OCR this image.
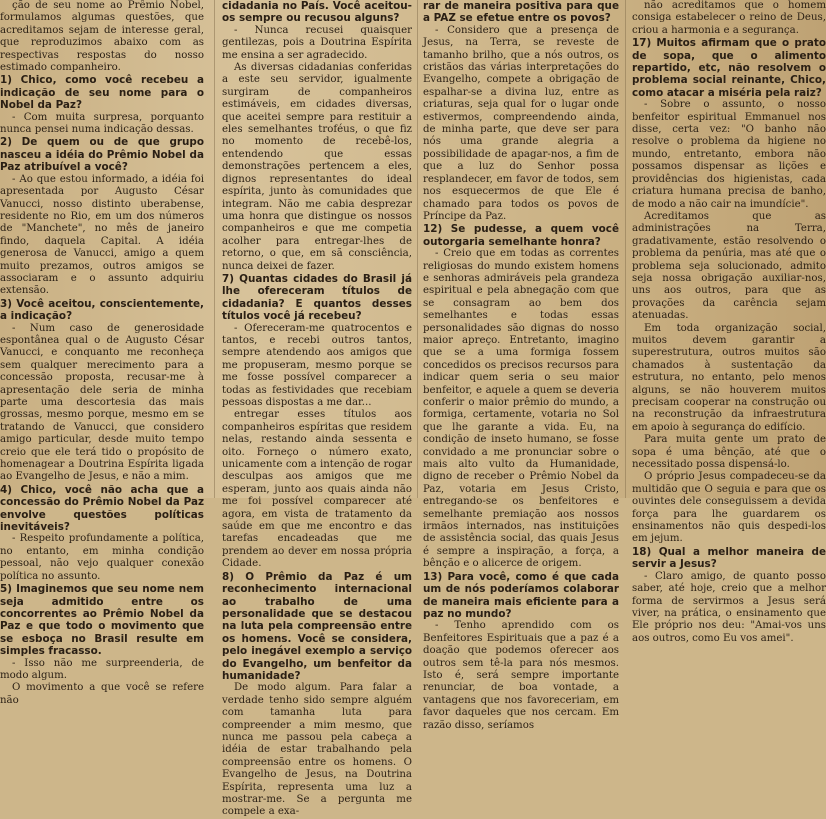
ção de seu nome ao Prêmio Nobel, formulamos algumas questões, que acreditamos sejam de interesse geral, que reproduzimos abaixo com as respectivas respostas do nosso estimado companheiro.

1) Chico, como você recebeu a indicação de seu nome para o Nobel da Paz?

- Com muita surpresa, porquanto nunca pensei numa indicação dessas.

2) De quem ou de que grupo nasceu a idéia do Prêmio Nobel da Paz atribuível a você?

- Ao que estou informado, a idéia foi apresentada por Augusto César Vanucci, nosso distinto uberabense, residente no Rio, em um dos números de "Manchete", no mês de janeiro findo, daquela Capital. A idéia generosa de Vanucci, amigo a quem muito prezamos, outros amigos se associaram e o assunto adquiriu extensão.

3) Você aceitou, conscientemente, a indicação?

- Num caso de generosidade espontânea qual o de Augusto César Vanucci, e conquanto me reconheça sem qualquer merecimento para a concessão proposta, recusar-me à apresentação dele seria de minha parte uma descortesia das mais grossas, mesmo porque, mesmo em se tratando de Vanucci, que considero amigo particular, desde muito tempo creio que ele terá tido o propósito de homenagear a Doutrina Espírita ligada ao Evangelho de Jesus, e não a mim.

4) Chico, você não acha que a concessão do Prêmio Nobel da Paz envolve questões políticas inevitáveis?

- Respeito profundamente a política, no entanto, em minha condição pessoal, não vejo qualquer conexão política no assunto.

5) Imaginemos que seu nome nem seja admitido entre os concorrentes ao Prêmio Nobel da Paz e que todo o movimento que se esboça no Brasil resulte em simples fracasso.

- Isso não me surpreenderia, de modo algum.

O movimento a que você se refere não

cidadania no País. Você aceitou-os sempre ou recusou alguns?

- Nunca recusei quaisquer gentilezas, pois a Doutrina Espírita me ensina a ser agradecido.

As diversas cidadanias conferidas a este seu servidor, igualmente surgiram de companheiros estimáveis, em cidades diversas, que aceitei sempre para restituir a eles semelhantes troféus, o que fiz no momento de recebê-los, entendendo que essas demonstrações pertencem a eles, dignos representantes do ideal espírita, junto às comunidades que integram. Não me cabia desprezar uma honra que distingue os nossos companheiros e que me competia acolher para entregar-lhes de retorno, o que, em sã consciência, nunca deixei de fazer.

7) Quantas cidades do Brasil já lhe ofereceram títulos de cidadania? E quantos desses títulos você já recebeu?

- Ofereceram-me quatrocentos e tantos, e recebi outros tantos, sempre atendendo aos amigos que me propuseram, mesmo porque se me fosse possível comparecer a todas as festividades que recebiam pessoas dispostas a me dar...

entregar esses títulos aos companheiros espíritas que residem nelas, restando ainda sessenta e oito. Forneço o número exato, unicamente com a intenção de rogar desculpas aos amigos que me esperam, junto aos quais ainda não me foi possível comparecer até agora, em vista de tratamento da saúde em que me encontro e das tarefas encadeadas que me prendem ao dever em nossa própria Cidade.

8) O Prêmio da Paz é um reconhecimento internacional ao trabalho de uma personalidade que se destacou na luta pela compreensão entre os homens. Você se considera, pelo inegável exemplo a serviço do Evangelho, um benfeitor da humanidade?

De modo algum. Para falar a verdade tenho sido sempre alguém com tamanha luta para compreender a mim mesmo, que nunca me passou pela cabeça a idéia de estar trabalhando pela compreensão entre os homens. O Evangelho de Jesus, na Doutrina Espírita, representa uma luz a mostrar-me. Se a pergunta me compele a exa-

rar de maneira positiva para que a PAZ se efetue entre os povos?

- Considero que a presença de Jesus, na Terra, se reveste de tamanho brilho, que a nós outros, os cristãos das várias interpretações do Evangelho, compete a obrigação de espalhar-se a divina luz, entre as criaturas, seja qual for o lugar onde estivermos, compreendendo ainda, de minha parte, que deve ser para nós uma grande alegria a possibilidade de apagar-nos, a fim de que a luz do Senhor possa resplandecer, em favor de todos, sem nos esquecermos de que Ele é chamado para todos os povos de Príncipe da Paz.

12) Se pudesse, a quem você outorgaria semelhante honra?

- Creio que em todas as correntes religiosas do mundo existem homens e senhoras admiráveis pela grandeza espiritual e pela abnegação com que se consagram ao bem dos semelhantes e todas essas personalidades são dignas do nosso maior apreço. Entretanto, imagino que se a uma formiga fossem concedidos os precisos recursos para indicar quem seria o seu maior benfeitor, e aquele a quem se deveria conferir o maior prêmio do mundo, a formiga, certamente, votaria no Sol que lhe garante a vida. Eu, na condição de inseto humano, se fosse convidado a me pronunciar sobre o mais alto vulto da Humanidade, digno de receber o Prêmio Nobel da Paz, votaria em Jesus Cristo, entregando-se os benfeitores e semelhante premiação aos nossos irmãos internados, nas instituições de assistência social, das quais Jesus é sempre a inspiração, a força, a bênção e o alicerce de origem.

13) Para você, como é que cada um de nós poderíamos colaborar de maneira mais eficiente para a paz no mundo?

- Tenho aprendido com os Benfeitores Espirituais que a paz é a doação que podemos oferecer aos outros sem tê-la para nós mesmos. Isto é, será sempre importante renunciar, de boa vontade, a vantagens que nos favoreceriam, em favor daqueles que nos cercam. Em razão disso, seríamos

não acreditamos que o homem consiga estabelecer o reino de Deus, criou a harmonia e a segurança.

17) Muitos afirmam que o prato de sopa, que o alimento repartido, etc, não resolvem o problema social reinante, Chico, como atacar a miséria pela raiz?

- Sobre o assunto, o nosso benfeitor espiritual Emmanuel nos disse, certa vez: "O banho não resolve o problema da higiene no mundo, entretanto, embora não possamos dispensar as lições e providências dos higienistas, cada criatura humana precisa de banho, de modo a não cair na imundície".

Acreditamos que as administrações na Terra, gradativamente, estão resolvendo o problema da penúria, mas até que o problema seja solucionado, admito seja nossa obrigação auxiliar-nos, uns aos outros, para que as provações da carência sejam atenuadas.

Em toda organização social, muitos devem garantir a superestrutura, outros muitos são chamados à sustentação da estrutura, no entanto, pelo menos alguns, se não houverem muitos precisam cooperar na construção ou na reconstrução da infraestrutura em apoio à segurança do edifício.

Para muita gente um prato de sopa é uma bênção, até que o necessitado possa dispensá-lo.

O próprio Jesus compadeceu-se da multidão que O seguia e para que os ouvintes dele conseguissem a devida força para lhe guardarem os ensinamentos não quis despedi-los em jejum.

18) Qual a melhor maneira de servir a Jesus?

- Claro amigo, de quanto posso saber, até hoje, creio que a melhor forma de servirmos a Jesus será viver, na prática, o ensinamento que Ele próprio nos deu: "Amai-vos uns aos outros, como Eu vos amei".
